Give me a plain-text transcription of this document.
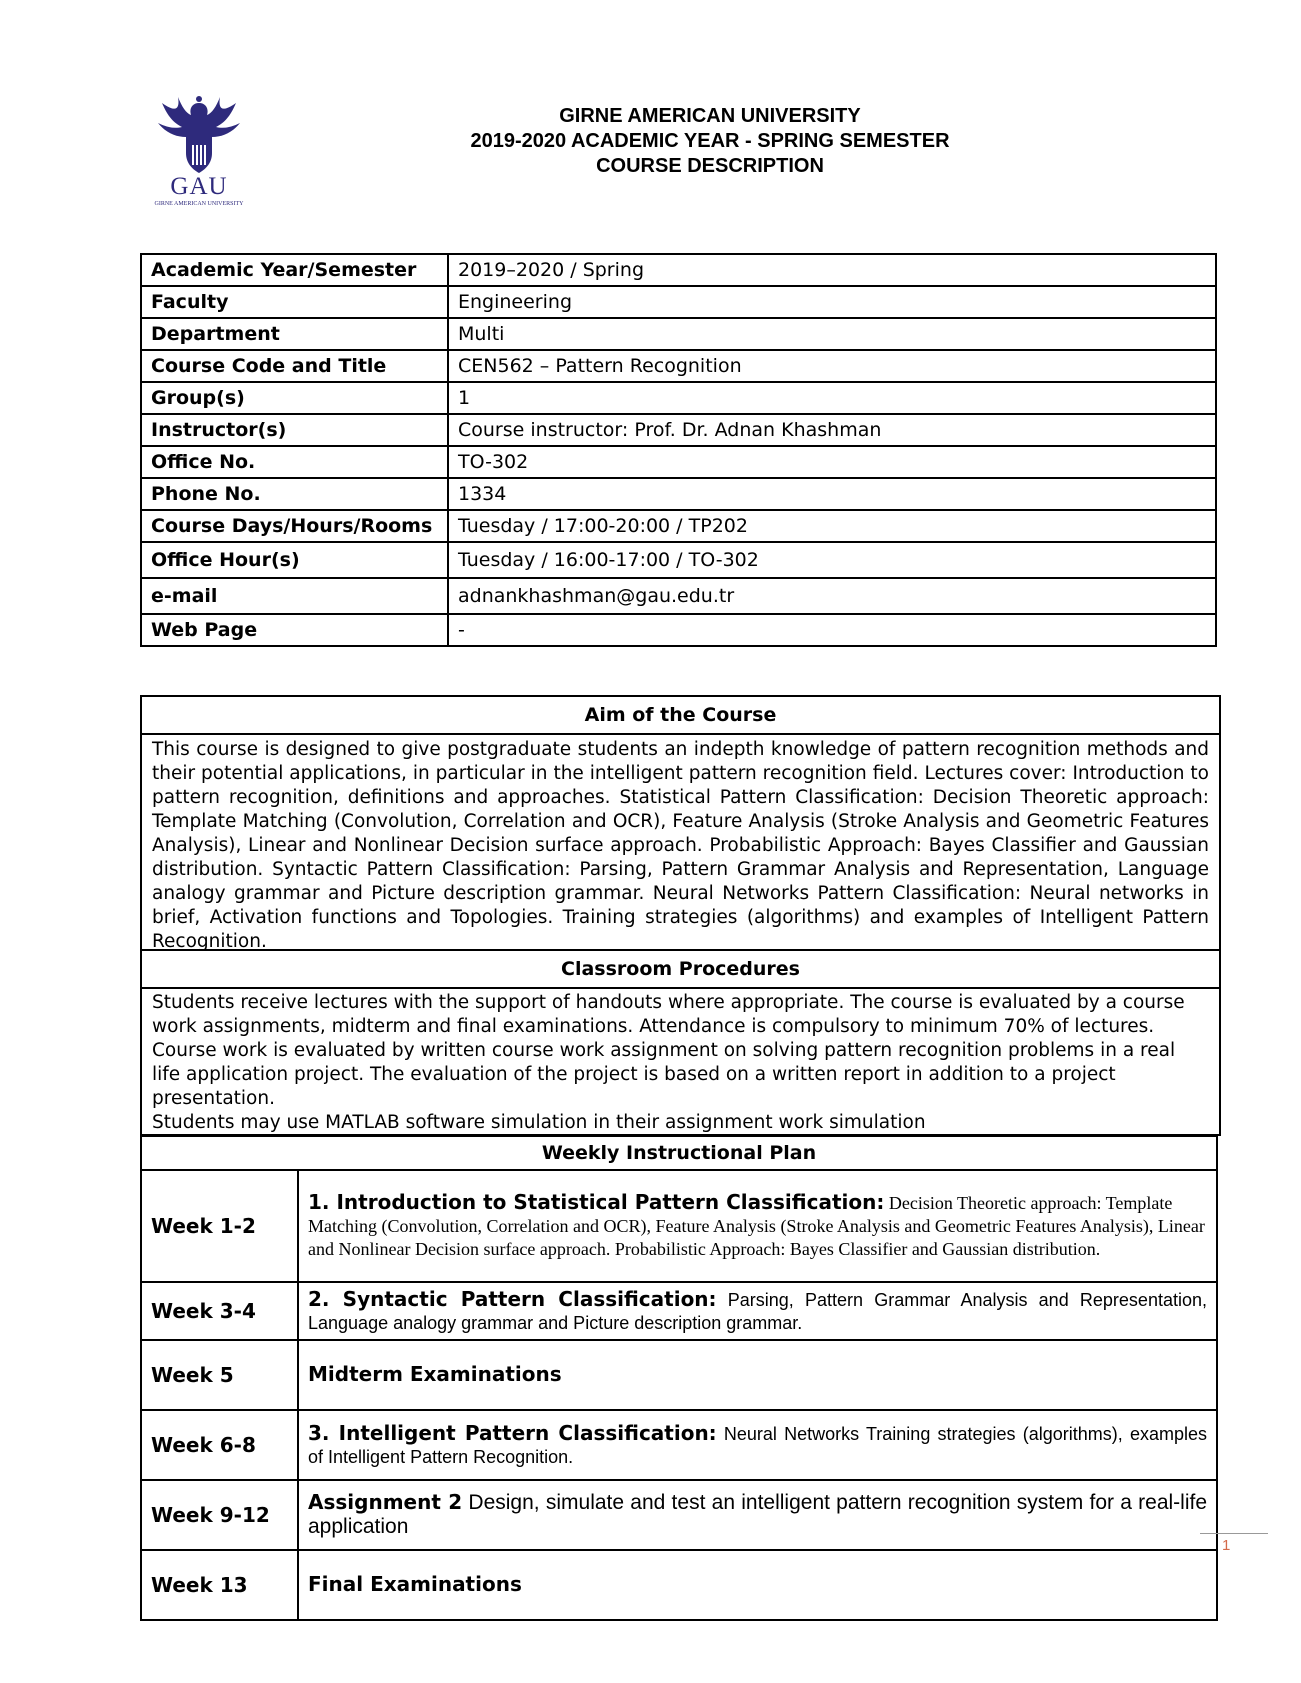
GAU
GIRNE AMERICAN UNIVERSITY
GIRNE AMERICAN UNIVERSITY
2019-2020 ACADEMIC YEAR - SPRING SEMESTER
COURSE DESCRIPTION
Academic Year/Semester	2019–2020 / Spring
Faculty	Engineering
Department	Multi
Course Code and Title	CEN562 – Pattern Recognition
Group(s)	1
Instructor(s)	Course instructor: Prof. Dr. Adnan Khashman
Office No.	TO-302
Phone No.	1334
Course Days/Hours/Rooms	Tuesday / 17:00-20:00 / TP202
Office Hour(s)	Tuesday / 16:00-17:00 / TO-302
e-mail	adnankhashman@gau.edu.tr
Web Page	-
Aim of the Course
This course is designed to give postgraduate students an indepth knowledge of pattern recognition methods and their potential applications, in particular in the intelligent pattern recognition field. Lectures cover: Introduction to pattern recognition, definitions and approaches. Statistical Pattern Classification: Decision Theoretic approach: Template Matching (Convolution, Correlation and OCR), Feature Analysis (Stroke Analysis and Geometric Features Analysis), Linear and Nonlinear Decision surface approach. Probabilistic Approach: Bayes Classifier and Gaussian distribution. Syntactic Pattern Classification: Parsing, Pattern Grammar Analysis and Representation, Language analogy grammar and Picture description grammar. Neural Networks Pattern Classification: Neural networks in brief, Activation functions and Topologies. Training strategies (algorithms) and examples of Intelligent Pattern Recognition.
Classroom Procedures
Students receive lectures with the support of handouts where appropriate. The course is evaluated by a course work assignments, midterm and final examinations. Attendance is compulsory to minimum 70% of lectures.
Course work is evaluated by written course work assignment on solving pattern recognition problems in a real life application project. The evaluation of the project is based on a written report in addition to a project presentation.
Students may use MATLAB software simulation in their assignment work simulation
Weekly Instructional Plan	
Week 1-2	1. Introduction to Statistical Pattern Classification: Decision Theoretic approach: Template Matching (Convolution, Correlation and OCR), Feature Analysis (Stroke Analysis and Geometric Features Analysis), Linear and Nonlinear Decision surface approach. Probabilistic Approach: Bayes Classifier and Gaussian distribution.
Week 3-4	2. Syntactic Pattern Classification: Parsing, Pattern Grammar Analysis and Representation, Language analogy grammar and Picture description grammar.
Week 5	Midterm Examinations
Week 6-8	3. Intelligent Pattern Classification: Neural Networks Training strategies (algorithms), examples of Intelligent Pattern Recognition.
Week 9-12	Assignment 2 Design, simulate and test an intelligent pattern recognition system for a real-life application
Week 13	Final Examinations
1
